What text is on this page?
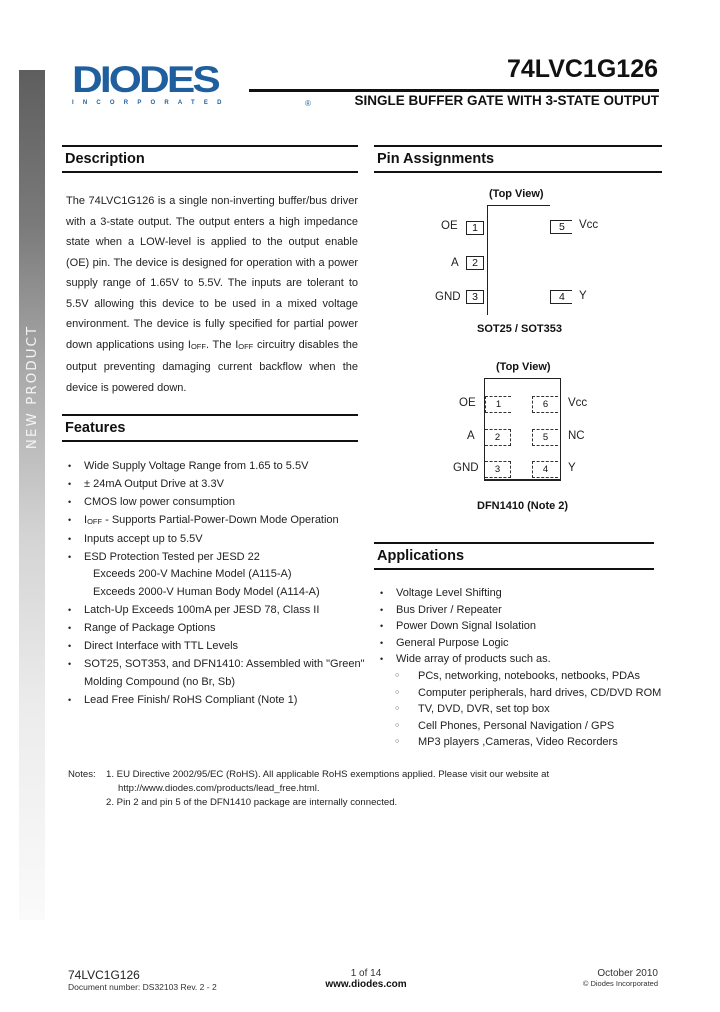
NEW PRODUCT
DIODES
INCORPORATED	®
74LVC1G126
SINGLE BUFFER GATE WITH 3-STATE OUTPUT
Description
The 74LVC1G126 is a single non-inverting buffer/bus driver with a 3-state output. The output enters a high impedance state when a LOW-level is applied to the output enable (OE) pin. The device is designed for operation with a power supply range of 1.65V to 5.5V. The inputs are tolerant to 5.5V allowing this device to be used in a mixed voltage environment. The device is fully specified for partial power down applications using IOFF. The IOFF circuitry disables the output preventing damaging current backflow when the device is powered down.
Features
• Wide Supply Voltage Range from 1.65 to 5.5V
• ± 24mA Output Drive at 3.3V
• CMOS low power consumption
• IOFF - Supports Partial-Power-Down Mode Operation
• Inputs accept up to 5.5V
• ESD Protection Tested per JESD 22
Exceeds 200-V Machine Model (A115-A)
Exceeds 2000-V Human Body Model (A114-A)
• Latch-Up Exceeds 100mA per JESD 78, Class II
• Range of Package Options
• Direct Interface with TTL Levels
• SOT25, SOT353, and DFN1410: Assembled with "Green"
Molding Compound (no Br, Sb)
• Lead Free Finish/ RoHS Compliant (Note 1)
Pin Assignments
(Top View)
OE	1
A	2
GND	3
5 Vcc
4 Y
SOT25 / SOT353
(Top View)
OE	1
A	2
GND	3
6	Vcc
5	NC
4	Y
DFN1410 (Note 2)
Applications
• Voltage Level Shifting
• Bus Driver / Repeater
• Power Down Signal Isolation
• General Purpose Logic
• Wide array of products such as.
○ PCs, networking, notebooks, netbooks, PDAs
○ Computer peripherals, hard drives, CD/DVD ROM
○ TV, DVD, DVR, set top box
○ Cell Phones, Personal Navigation / GPS
○ MP3 players ,Cameras, Video Recorders
Notes: 1. EU Directive 2002/95/EC (RoHS). All applicable RoHS exemptions applied. Please visit our website at
http://www.diodes.com/products/lead_free.html.
2. Pin 2 and pin 5 of the DFN1410 package are internally connected.
74LVC1G126
Document number: DS32103 Rev. 2 - 2
1 of 14
www.diodes.com
October 2010
© Diodes Incorporated
